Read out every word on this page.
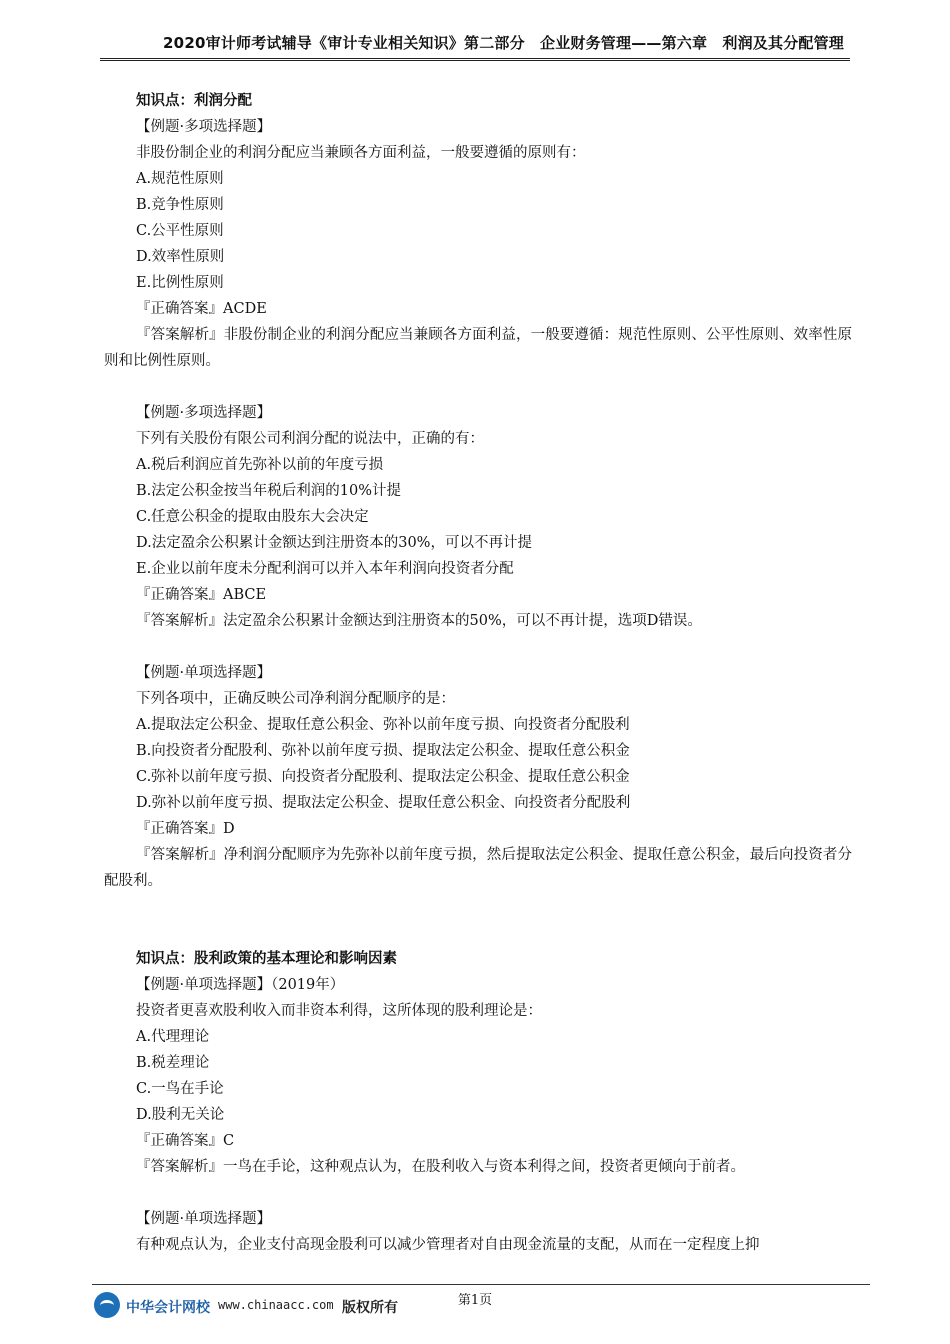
2020审计师考试辅导《审计专业相关知识》第二部分　企业财务管理——第六章　利润及其分配管理
知识点：利润分配
【例题·多项选择题】
非股份制企业的利润分配应当兼顾各方面利益，一般要遵循的原则有：
A.规范性原则
B.竞争性原则
C.公平性原则
D.效率性原则
E.比例性原则
『正确答案』ACDE
『答案解析』非股份制企业的利润分配应当兼顾各方面利益，一般要遵循：规范性原则、公平性原则、效率性原则和比例性原则。
【例题·多项选择题】
下列有关股份有限公司利润分配的说法中，正确的有：
A.税后利润应首先弥补以前的年度亏损
B.法定公积金按当年税后利润的10%计提
C.任意公积金的提取由股东大会决定
D.法定盈余公积累计金额达到注册资本的30%，可以不再计提
E.企业以前年度未分配利润可以并入本年利润向投资者分配
『正确答案』ABCE
『答案解析』法定盈余公积累计金额达到注册资本的50%，可以不再计提，选项D错误。
【例题·单项选择题】
下列各项中，正确反映公司净利润分配顺序的是：
A.提取法定公积金、提取任意公积金、弥补以前年度亏损、向投资者分配股利
B.向投资者分配股利、弥补以前年度亏损、提取法定公积金、提取任意公积金
C.弥补以前年度亏损、向投资者分配股利、提取法定公积金、提取任意公积金
D.弥补以前年度亏损、提取法定公积金、提取任意公积金、向投资者分配股利
『正确答案』D
『答案解析』净利润分配顺序为先弥补以前年度亏损，然后提取法定公积金、提取任意公积金，最后向投资者分配股利。
知识点：股利政策的基本理论和影响因素
【例题·单项选择题】（2019年）
投资者更喜欢股利收入而非资本利得，这所体现的股利理论是：
A.代理理论
B.税差理论
C.一鸟在手论
D.股利无关论
『正确答案』C
『答案解析』一鸟在手论，这种观点认为，在股利收入与资本利得之间，投资者更倾向于前者。
【例题·单项选择题】
有种观点认为，企业支付高现金股利可以减少管理者对自由现金流量的支配，从而在一定程度上抑
第1页
中华会计网校 www.chinaacc.com 版权所有
